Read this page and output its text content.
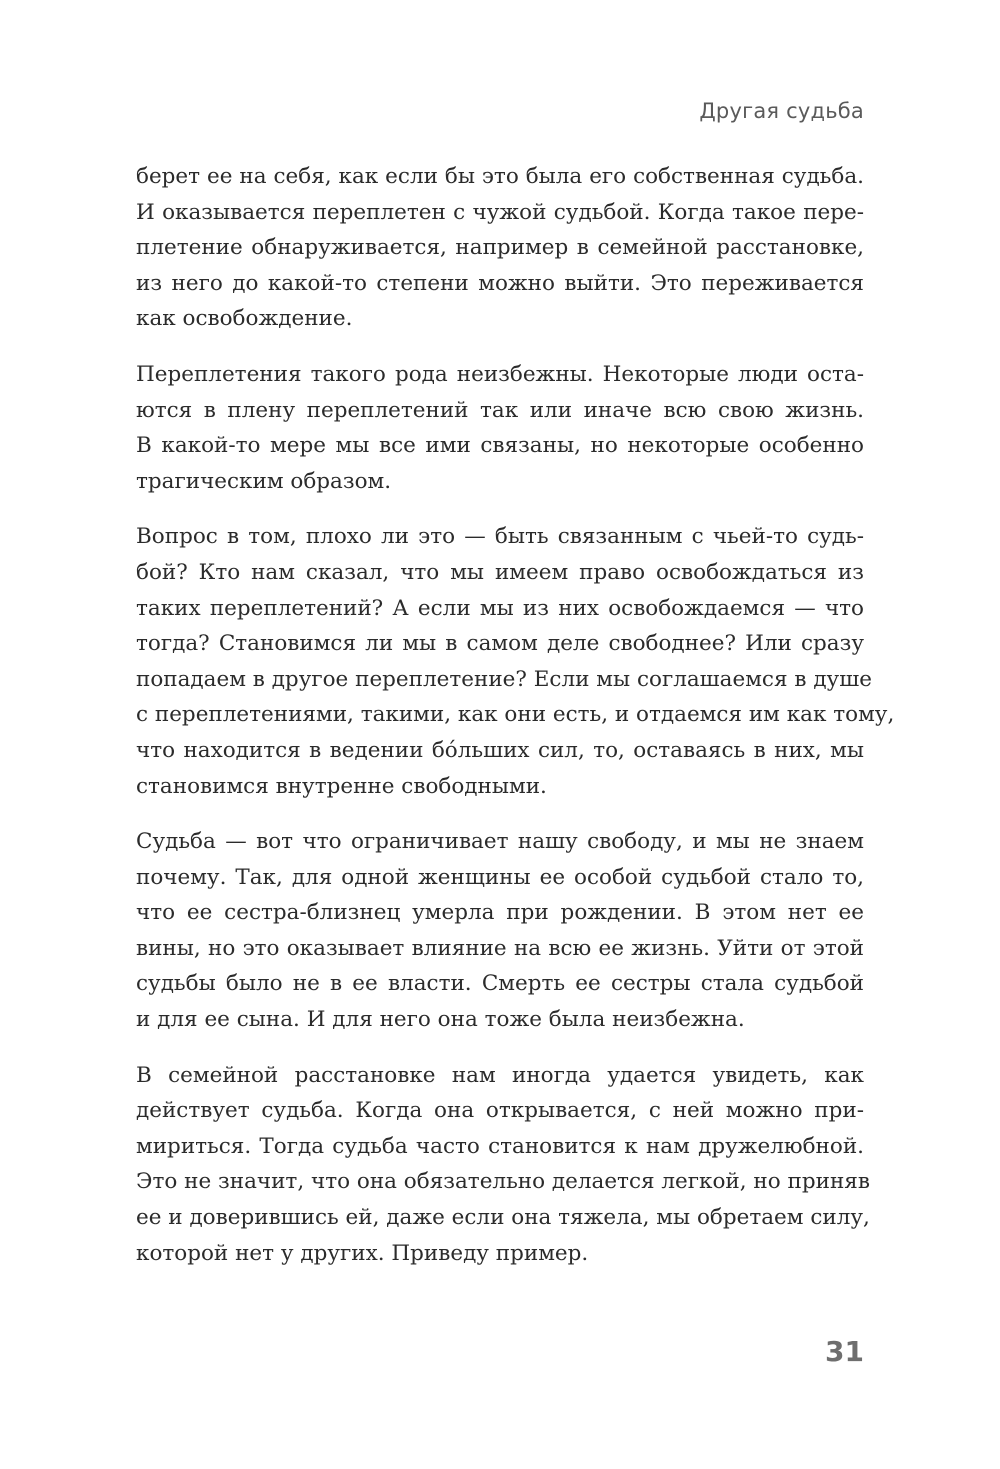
Другая судьба
берет ее на себя, как если бы это была его собственная судьба.
И оказывается переплетен с чужой судьбой. Когда такое пере-
плетение обнаруживается, например в семейной расстановке,
из него до какой-то степени можно выйти. Это переживается
как освобождение.
Переплетения такого рода неизбежны. Некоторые люди оста-
ются в плену переплетений так или иначе всю свою жизнь.
В какой-то мере мы все ими связаны, но некоторые особенно
трагическим образом.
Вопрос в том, плохо ли это — быть связанным с чьей-то судь-
бой? Кто нам сказал, что мы имеем право освобождаться из
таких переплетений? А если мы из них освобождаемся — что
тогда? Становимся ли мы в самом деле свободнее? Или сразу
попадаем в другое переплетение? Если мы соглашаемся в душе
с переплетениями, такими, как они есть, и отдаемся им как тому,
что находится в ведении бóльших сил, то, оставаясь в них, мы
становимся внутренне свободными.
Судьба — вот что ограничивает нашу свободу, и мы не знаем
почему. Так, для одной женщины ее особой судьбой стало то,
что ее сестра-близнец умерла при рождении. В этом нет ее
вины, но это оказывает влияние на всю ее жизнь. Уйти от этой
судьбы было не в ее власти. Смерть ее сестры стала судьбой
и для ее сына. И для него она тоже была неизбежна.
В семейной расстановке нам иногда удается увидеть, как
действует судьба. Когда она открывается, с ней можно при-
мириться. Тогда судьба часто становится к нам дружелюбной.
Это не значит, что она обязательно делается легкой, но приняв
ее и доверившись ей, даже если она тяжела, мы обретаем силу,
которой нет у других. Приведу пример.
31
